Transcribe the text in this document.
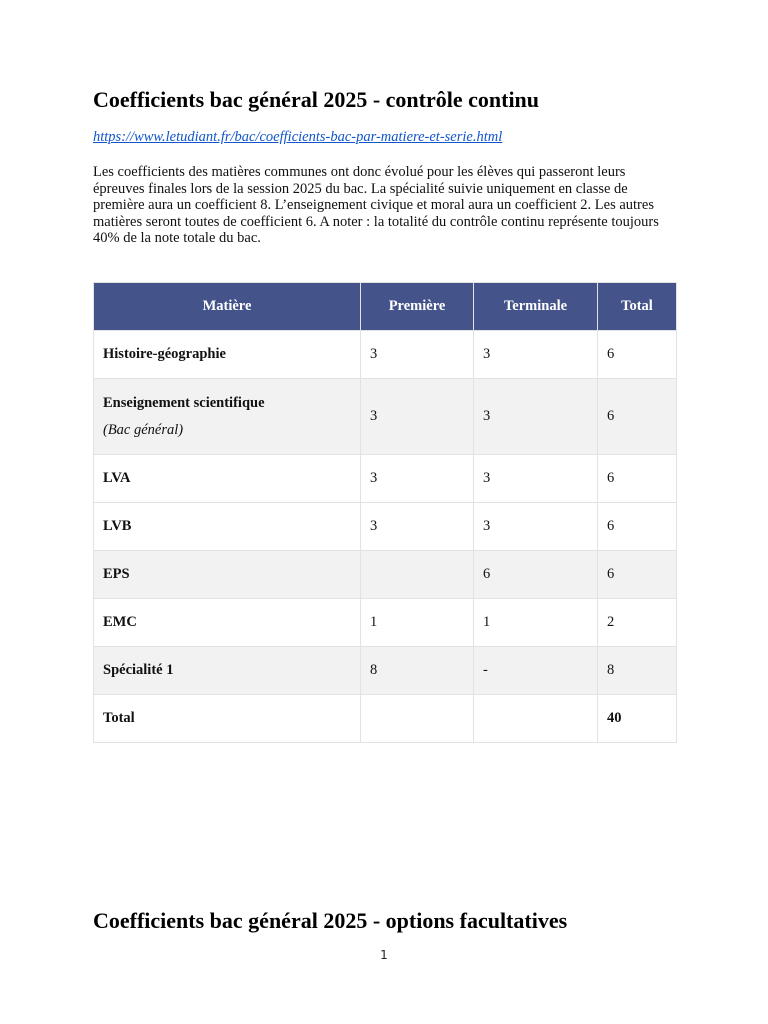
Coefficients bac général 2025 - contrôle continu
https://www.letudiant.fr/bac/coefficients-bac-par-matiere-et-serie.html

Les coefficients des matières communes ont donc évolué pour les élèves qui passeront leurs épreuves finales lors de la session 2025 du bac. La spécialité suivie uniquement en classe de première aura un coefficient 8. L’enseignement civique et moral aura un coefficient 2. Les autres matières seront toutes de coefficient 6. A noter : la totalité du contrôle continu représente toujours 40% de la note totale du bac.

Matière	Première	Terminale	Total
Histoire-géographie	3	3	6
Enseignement scientifique
(Bac général)	3	3	6
LVA	3	3	6
LVB	3	3	6
EPS		6	6
EMC	1	1	2
Spécialité 1	8	-	8
Total			40
Coefficients bac général 2025 - options facultatives
1
